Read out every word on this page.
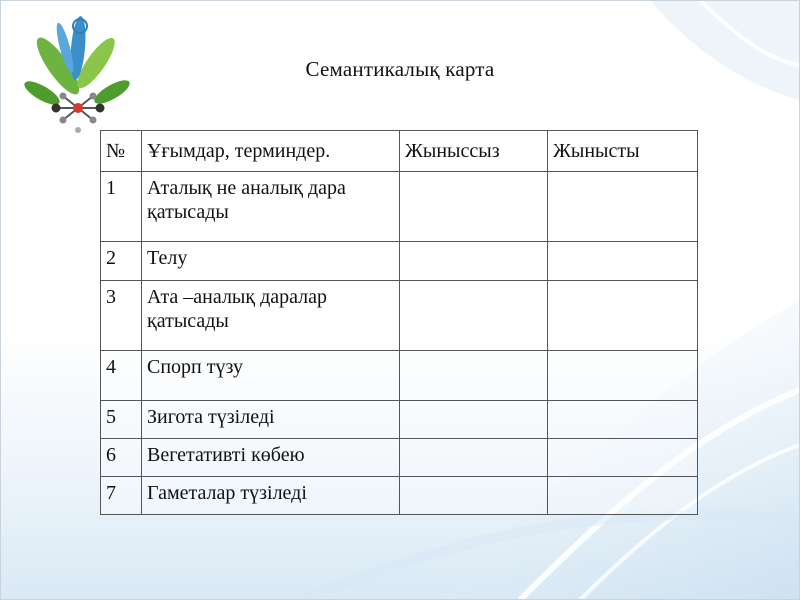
Семантикалық карта
№	Ұғымдар, терминдер.	Жыныссыз	Жынысты
1	Аталық не аналық дара қатысады		
2	Телу		
3	Ата –аналық даралар қатысады		
4	Спорп түзу		
5	Зигота түзіледі		
6	Вегетативті көбею		
7	Гаметалар түзіледі		
